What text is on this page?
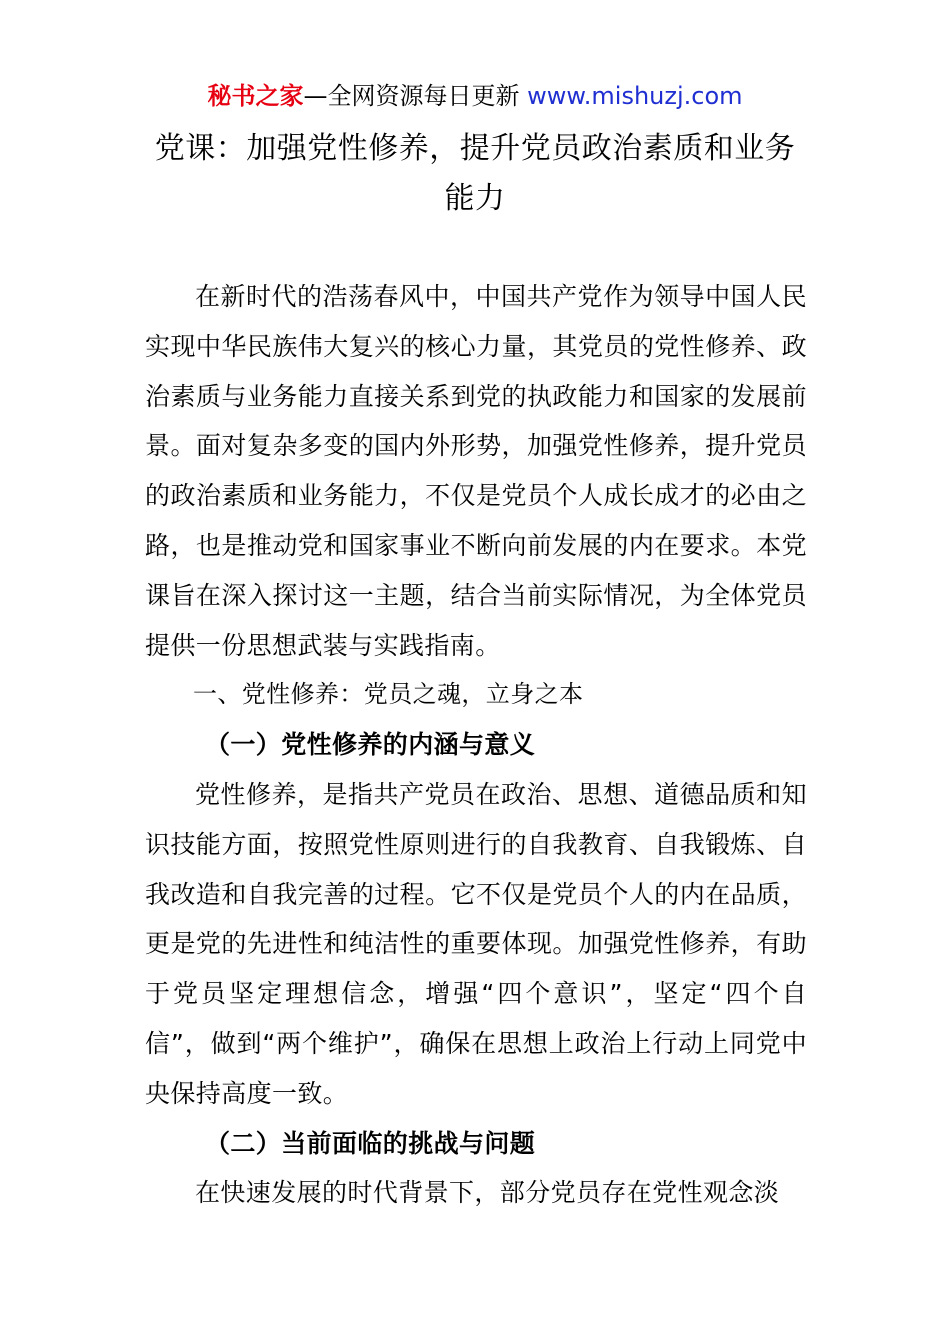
秘书之家—全网资源每日更新 www.mishuzj.com
党课：加强党性修养，提升党员政治素质和业务能力

在新时代的浩荡春风中，中国共产党作为领导中国人民实现中华民族伟大复兴的核心力量，其党员的党性修养、政治素质与业务能力直接关系到党的执政能力和国家的发展前景。面对复杂多变的国内外形势，加强党性修养，提升党员的政治素质和业务能力，不仅是党员个人成长成才的必由之路，也是推动党和国家事业不断向前发展的内在要求。本党课旨在深入探讨这一主题，结合当前实际情况，为全体党员提供一份思想武装与实践指南。

一、党性修养：党员之魂，立身之本

（一）党性修养的内涵与意义

党性修养，是指共产党员在政治、思想、道德品质和知识技能方面，按照党性原则进行的自我教育、自我锻炼、自我改造和自我完善的过程。它不仅是党员个人的内在品质，更是党的先进性和纯洁性的重要体现。加强党性修养，有助于党员坚定理想信念，增强“四个意识”，坚定“四个自信”，做到“两个维护”，确保在思想上政治上行动上同党中央保持高度一致。

（二）当前面临的挑战与问题

在快速发展的时代背景下，部分党员存在党性观念淡
